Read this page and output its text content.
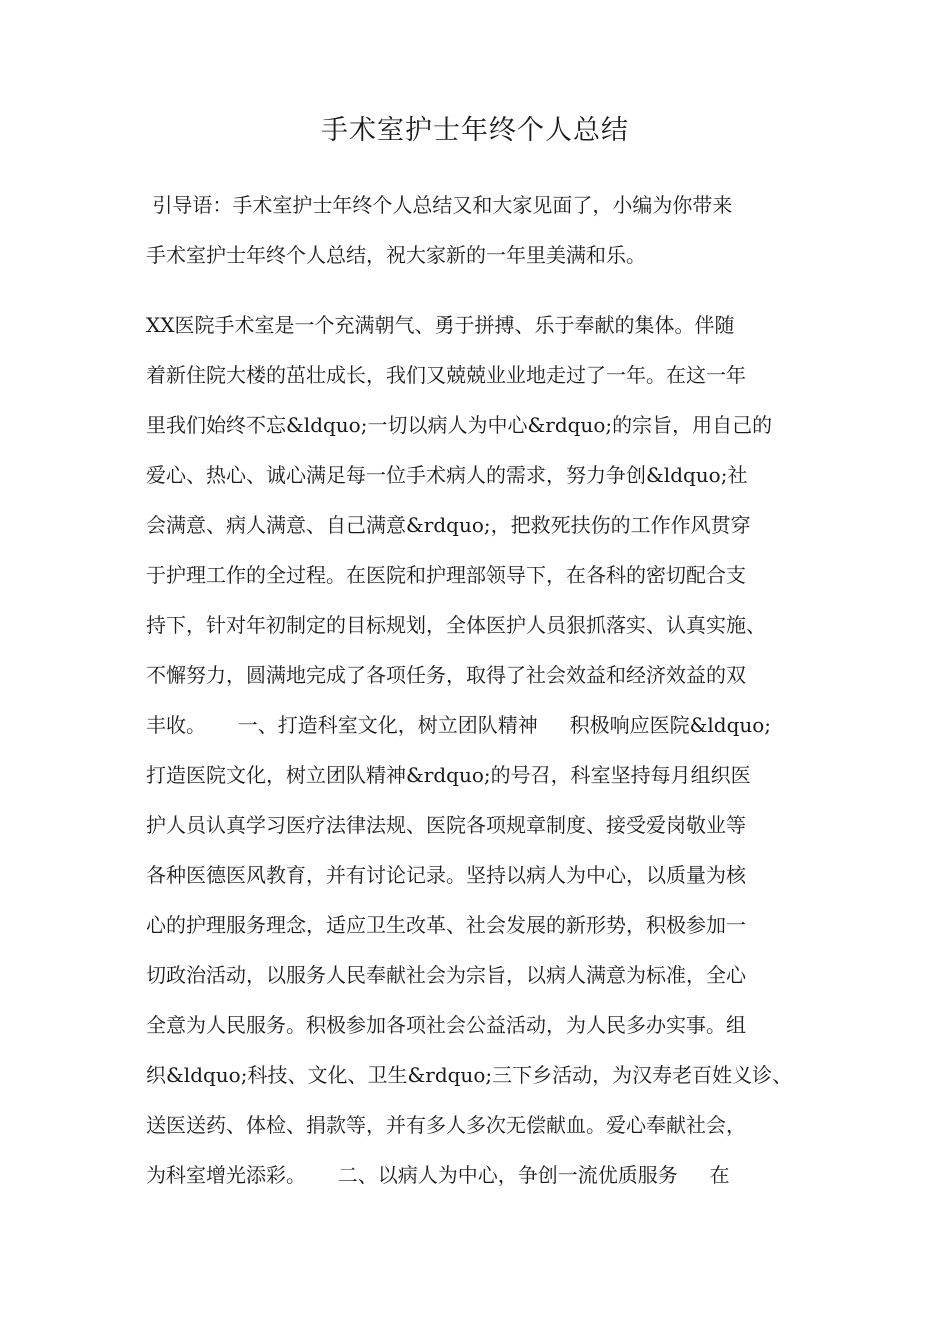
手术室护士年终个人总结
引导语：手术室护士年终个人总结又和大家见面了，小编为你带来
手术室护士年终个人总结，祝大家新的一年里美满和乐。
XX医院手术室是一个充满朝气、勇于拼搏、乐于奉献的集体。伴随
着新住院大楼的茁壮成长，我们又兢兢业业地走过了一年。在这一年
里我们始终不忘&ldquo;一切以病人为中心&rdquo;的宗旨，用自己的
爱心、热心、诚心满足每一位手术病人的需求，努力争创&ldquo;社
会满意、病人满意、自己满意&rdquo;，把救死扶伤的工作作风贯穿
于护理工作的全过程。在医院和护理部领导下，在各科的密切配合支
持下，针对年初制定的目标规划，全体医护人员狠抓落实、认真实施、
不懈努力，圆满地完成了各项任务，取得了社会效益和经济效益的双
丰收。     一、打造科室文化，树立团队精神     积极响应医院&ldquo;
打造医院文化，树立团队精神&rdquo;的号召，科室坚持每月组织医
护人员认真学习医疗法律法规、医院各项规章制度、接受爱岗敬业等
各种医德医风教育，并有讨论记录。坚持以病人为中心，以质量为核
心的护理服务理念，适应卫生改革、社会发展的新形势，积极参加一
切政治活动，以服务人民奉献社会为宗旨，以病人满意为标准，全心
全意为人民服务。积极参加各项社会公益活动，为人民多办实事。组
织&ldquo;科技、文化、卫生&rdquo;三下乡活动，为汉寿老百姓义诊、
送医送药、体检、捐款等，并有多人多次无偿献血。爱心奉献社会，
为科室增光添彩。     二、以病人为中心，争创一流优质服务     在
